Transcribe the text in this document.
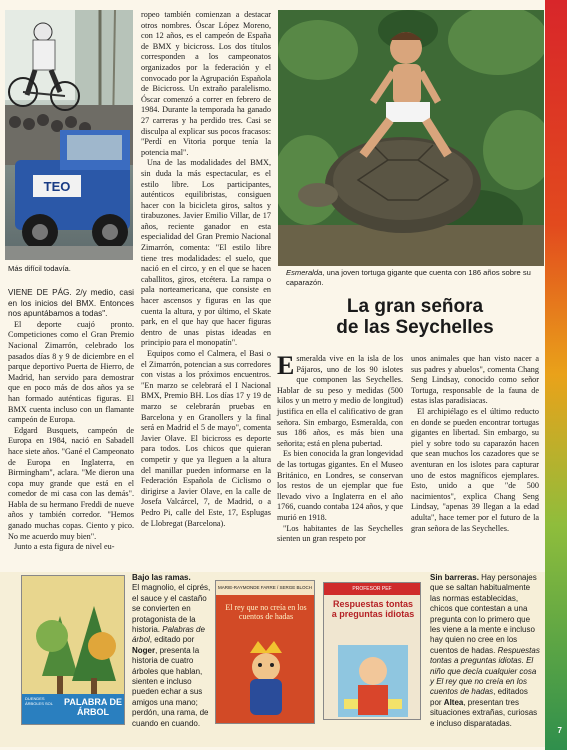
TEO
Más difícil todavía.	Esmeralda, una joven tortuga gigante que cuenta con 186 años sobre su caparazón.

VIENE DE PÁG. 2/y medio, casi en los inicios del BMX. Entonces nos apuntábamos a todas".

El deporte cuajó pronto. Competiciones como el Gran Premio Nacional Zimarrón, celebrado los pasados días 8 y 9 de diciembre en el parque deportivo Puerta de Hierro, de Madrid, han servido para demostrar que en poco más de dos años ya se han formado auténticas figuras. El BMX cuenta incluso con un flamante campeón de Europa.

Edgard Busquets, campeón de Europa en 1984, nació en Sabadell hace siete años. "Gané el Campeonato de Europa en Inglaterra, en Birmingham", aclara. "Me dieron una copa muy grande que está en el comedor de mi casa con las demás". Habla de su hermano Freddi de nueve años y también corredor. "Hemos ganado muchas copas. Ciento y pico. No me acuerdo muy bien".

Junto a esta figura de nivel eu-

ropeo también comienzan a destacar otros nombres. Óscar López Moreno, con 12 años, es el campeón de España de BMX y bicicross. Los dos títulos corresponden a los campeonatos organizados por la federación y el convocado por la Agrupación Española de Bicicross. Un extraño paralelismo. Óscar comenzó a correr en febrero de 1984. Durante la temporada ha ganado 27 carreras y ha perdido tres. Casi se disculpa al explicar sus pocos fracasos: "Perdí en Vitoria porque tenía la potencia mal".

Una de las modalidades del BMX, sin duda la más espectacular, es el estilo libre. Los participantes, auténticos equilibristas, consiguen hacer con la bicicleta giros, saltos y tirabuzones. Javier Emilio Villar, de 17 años, reciente ganador en esta especialidad del Gran Premio Nacional Zimarrón, comenta: "El estilo libre tiene tres modalidades: el suelo, que nació en el circo, y en el que se hacen caballitos, giros, etcétera. La rampa o pala norteamericana, que consiste en hacer ascensos y figuras en las que cuenta la altura, y por último, el Skate park, en el que hay que hacer figuras dentro de unas pistas ideadas en principio para el monopatín".

Equipos como el Calmera, el Basi o el Zimarrón, potencian a sus corredores con vistas a los próximos encuentros. "En marzo se celebrará el I Nacional BMX, Premio BH. Los días 17 y 19 de marzo se celebrarán pruebas en Barcelona y en Granollers y la final será en Madrid el 5 de mayo", comenta Javier Olave. El bicicross es deporte para todos. Los chicos que quieran competir y que ya lleguen a la altura del manillar pueden informarse en la Federación Española de Ciclismo o dirigirse a Javier Olave, en la calle de Josefa Valcárcel, 7, de Madrid, o a Pedro Pi, calle del Este, 17, Esplugas de Llobregat (Barcelona).

La gran señora
de las Seychelles

Esmeralda vive en la isla de los Pájaros, uno de los 90 islotes que componen las Seychelles. Hablar de su peso y medidas (500 kilos y un metro y medio de longitud) justifica en ella el calificativo de gran señora. Sin embargo, Esmeralda, con sus 186 años, es más bien una señorita; está en plena pubertad.

Es bien conocida la gran longevidad de las tortugas gigantes. En el Museo Británico, en Londres, se conservan los restos de un ejemplar que fue llevado vivo a Inglaterra en el año 1766, cuando contaba 124 años, y que murió en 1918.

"Los habitantes de las Seychelles sienten un gran respeto por

unos animales que han visto nacer a sus padres y abuelos", comenta Chang Seng Lindsay, conocido como señor Tortuga, responsable de la fauna de estas islas paradisiacas.

El archipiélago es el último reducto en donde se pueden encontrar tortugas gigantes en libertad. Sin embargo, su piel y sobre todo su caparazón hacen que sean muchos los cazadores que se aventuran en los islotes para capturar uno de estos magníficos ejemplares. Esto, unido a que "de 500 nacimientos", explica Chang Seng Lindsay, "apenas 39 llegan a la edad adulta", hace temer por el futuro de la gran señora de las Seychelles.

DUENDES ÁRBOLES SOL	PALABRA DE ÁRBOL
MARIE-RAYMONDE FARRE / SERGE BLOCH
El rey que no creía en los cuentos de hadas
PROFESOR PEF
Respuestas tontas a preguntas idiotas
Bajo las ramas.
El magnolio, el ciprés, el sauce y el castaño se convierten en protagonista de la historia. Palabras de árbol, editado por Noger, presenta la historia de cuatro árboles que hablan, sienten e incluso pueden echar a sus amigos una mano; perdón, una rama, de cuando en cuando.
Sin barreras. Hay personajes que se saltan habitualmente las normas establecidas, chicos que contestan a una pregunta con lo primero que les viene a la mente e incluso hay quien no cree en los cuentos de hadas. Respuestas tontas a preguntas idiotas. El niño que decía cualquier cosa y El rey que no creía en los cuentos de hadas, editados por Altea, presentan tres situaciones extrañas, curiosas e incluso disparatadas.
7
